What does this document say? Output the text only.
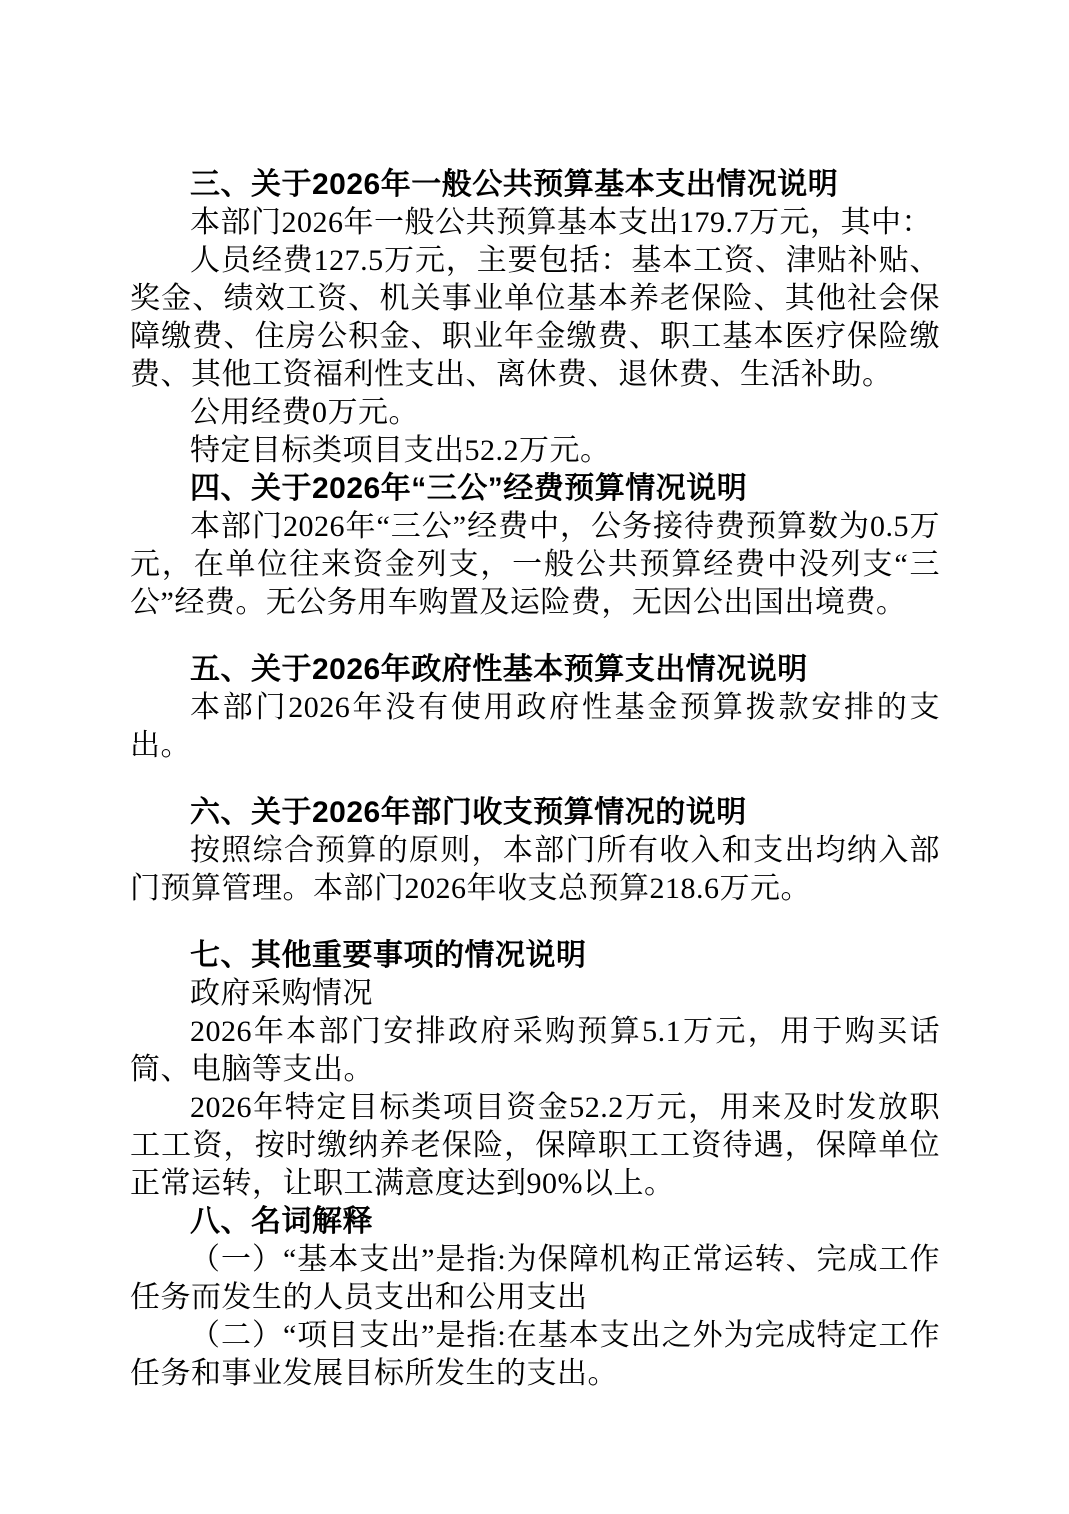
三、关于2026年一般公共预算基本支出情况说明

本部门2026年一般公共预算基本支出179.7万元，其中：

人员经费127.5万元，主要包括：基本工资、津贴补贴、奖金、绩效工资、机关事业单位基本养老保险、其他社会保障缴费、住房公积金、职业年金缴费、职工基本医疗保险缴费、其他工资福利性支出、离休费、退休费、生活补助。

公用经费0万元。

特定目标类项目支出52.2万元。

四、关于2026年“三公”经费预算情况说明

本部门2026年“三公”经费中，公务接待费预算数为0.5万元，在单位往来资金列支，一般公共预算经费中没列支“三公”经费。无公务用车购置及运险费，无因公出国出境费。

五、关于2026年政府性基本预算支出情况说明

本部门2026年没有使用政府性基金预算拨款安排的支出。

六、关于2026年部门收支预算情况的说明

按照综合预算的原则，本部门所有收入和支出均纳入部门预算管理。本部门2026年收支总预算218.6万元。

七、其他重要事项的情况说明

政府采购情况

2026年本部门安排政府采购预算5.1万元，用于购买话筒、电脑等支出。

2026年特定目标类项目资金52.2万元，用来及时发放职工工资，按时缴纳养老保险，保障职工工资待遇，保障单位正常运转，让职工满意度达到90%以上。

八、名词解释

（一）“基本支出”是指:为保障机构正常运转、完成工作任务而发生的人员支出和公用支出

（二）“项目支出”是指:在基本支出之外为完成特定工作任务和事业发展目标所发生的支出。
